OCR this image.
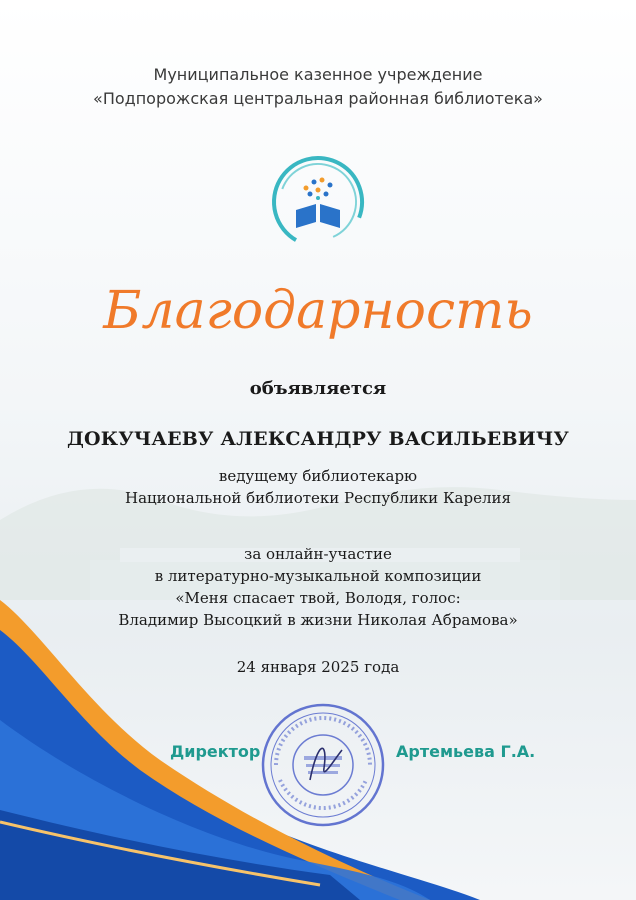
Муниципальное казенное учреждение
«Подпорожская центральная районная библиотека»
Благодарность
объявляется
ДОКУЧАЕВУ АЛЕКСАНДРУ ВАСИЛЬЕВИЧУ
ведущему библиотекарю
Национальной библиотеки Республики Карелия
за онлайн-участие
в литературно-музыкальной композиции
«Меня спасает твой, Володя, голос:
Владимир Высоцкий в жизни Николая Абрамова»
24 января 2025 года
Директор	Артемьева Г.А.
